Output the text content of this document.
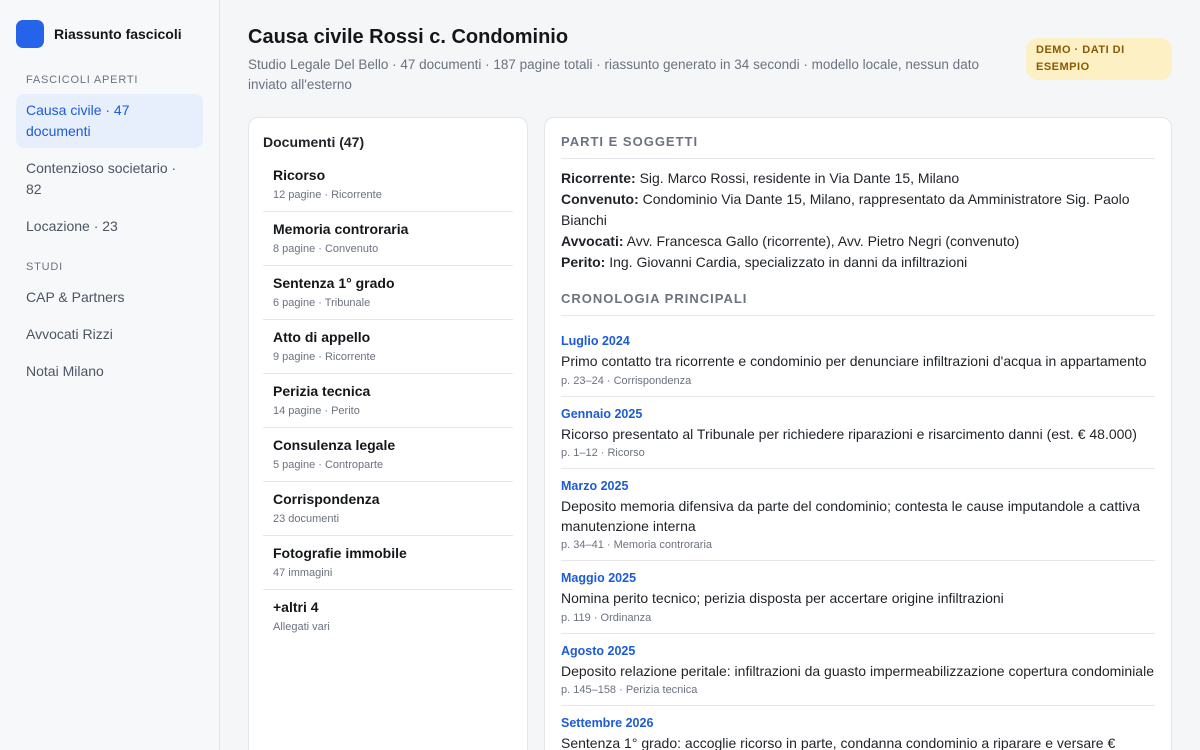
Riassunto fascicoli
FASCICOLI APERTI
Causa civile · 47 documenti
Contenzioso societario · 82
Locazione · 23
STUDI
CAP & Partners
Avvocati Rizzi
Notai Milano
Causa civile Rossi c. Condominio
Studio Legale Del Bello · 47 documenti · 187 pagine totali · riassunto generato in 34 secondi · modello locale, nessun dato inviato all'esterno
DEMO · DATI DI ESEMPIO
Documenti (47)
Ricorso
12 pagine · Ricorrente
Memoria controraria
8 pagine · Convenuto
Sentenza 1° grado
6 pagine · Tribunale
Atto di appello
9 pagine · Ricorrente
Perizia tecnica
14 pagine · Perito
Consulenza legale
5 pagine · Controparte
Corrispondenza
23 documenti
Fotografie immobile
47 immagini
+altri 4
Allegati vari
PARTI E SOGGETTI
Ricorrente: Sig. Marco Rossi, residente in Via Dante 15, Milano
Convenuto: Condominio Via Dante 15, Milano, rappresentato da Amministratore Sig. Paolo Bianchi
Avvocati: Avv. Francesca Gallo (ricorrente), Avv. Pietro Negri (convenuto)
Perito: Ing. Giovanni Cardia, specializzato in danni da infiltrazioni
CRONOLOGIA PRINCIPALI
Luglio 2024
Primo contatto tra ricorrente e condominio per denunciare infiltrazioni d'acqua in appartamento
p. 23–24 · Corrispondenza
Gennaio 2025
Ricorso presentato al Tribunale per richiedere riparazioni e risarcimento danni (est. € 48.000)
p. 1–12 · Ricorso
Marzo 2025
Deposito memoria difensiva da parte del condominio; contesta le cause imputandole a cattiva manutenzione interna
p. 34–41 · Memoria controraria
Maggio 2025
Nomina perito tecnico; perizia disposta per accertare origine infiltrazioni
p. 119 · Ordinanza
Agosto 2025
Deposito relazione peritale: infiltrazioni da guasto impermeabilizzazione copertura condominiale
p. 145–158 · Perizia tecnica
Settembre 2026
Sentenza 1° grado: accoglie ricorso in parte, condanna condominio a riparare e versare €
